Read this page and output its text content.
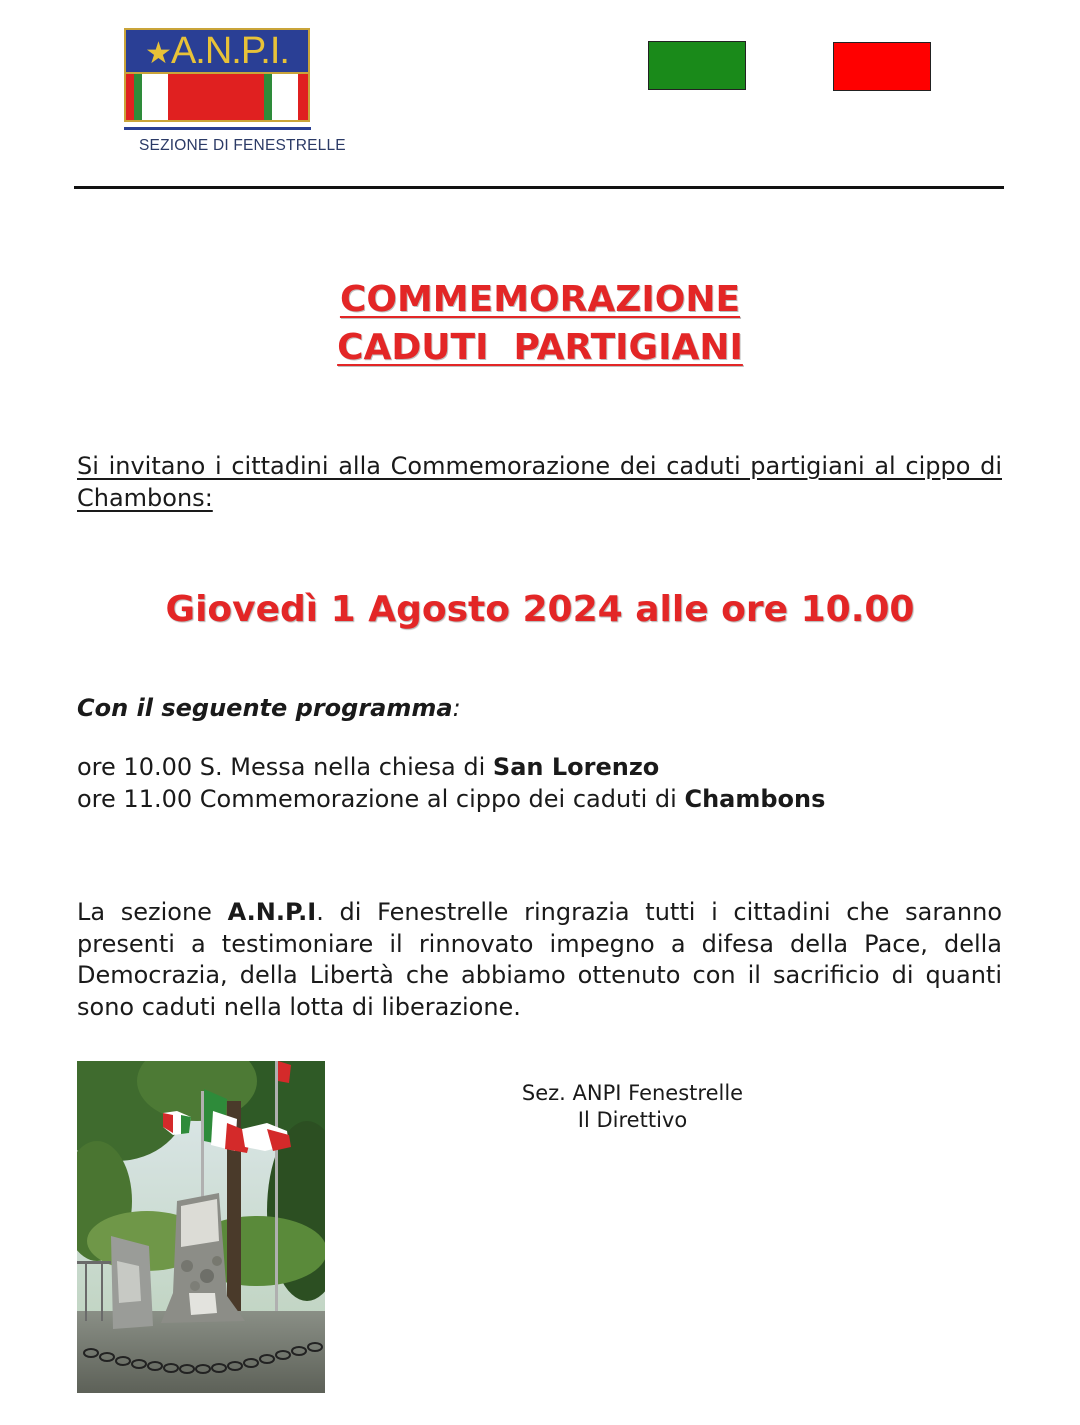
★A.N.P.I.
SEZIONE DI FENESTRELLE
COMMEMORAZIONE
CADUTI  PARTIGIANI
Si invitano i cittadini alla Commemorazione dei caduti partigiani al cippo di Chambons:
Giovedì 1 Agosto 2024 alle ore 10.00
Con il seguente programma:
ore 10.00 S. Messa nella chiesa di San Lorenzo
ore 11.00 Commemorazione al cippo dei caduti di Chambons
La sezione A.N.P.I. di Fenestrelle ringrazia tutti i cittadini che saranno presenti a testimoniare il rinnovato impegno a difesa della Pace, della Democrazia, della Libertà che abbiamo ottenuto con il sacrificio di quanti sono caduti nella lotta di liberazione.
Sez. ANPI Fenestrelle
Il Direttivo
